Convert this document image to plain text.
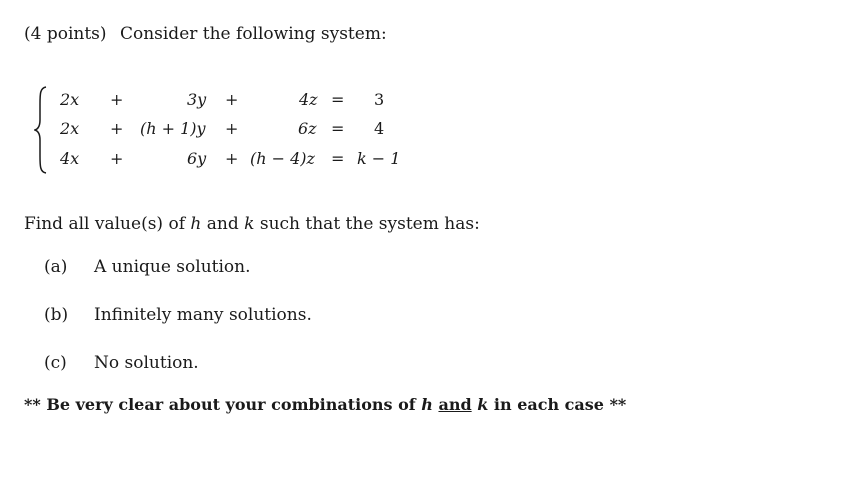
(4 points) Consider the following system:
2x +	3y +	4z = 3
2x + (h + 1)y +	6z = 4
4x +	6y + (h − 4)z = k − 1
Find all value(s) of h and k such that the system has:
(a) A unique solution.
(b) Infinitely many solutions.
(c) No solution.
** Be very clear about your combinations of h and k in each case **
